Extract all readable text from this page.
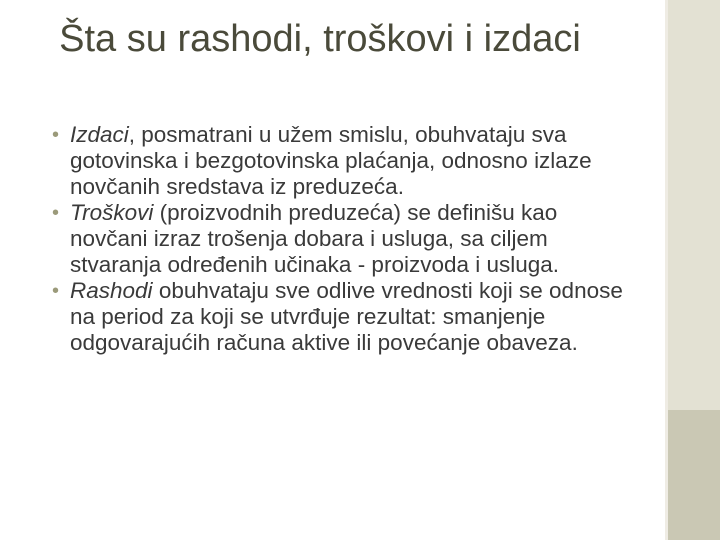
Šta su rashodi, troškovi i izdaci

• Izdaci, posmatrani u užem smislu, obuhvataju sva gotovinska i bezgotovinska plaćanja, odnosno izlaze novčanih sredstava iz preduzeća.

• Troškovi (proizvodnih preduzeća) se definišu kao novčani izraz trošenja dobara i usluga, sa ciljem stvaranja određenih učinaka - proizvoda i usluga.

• Rashodi obuhvataju sve odlive vrednosti koji se odnose na period za koji se utvrđuje rezultat: smanjenje odgovarajućih računa aktive ili povećanje obaveza.
